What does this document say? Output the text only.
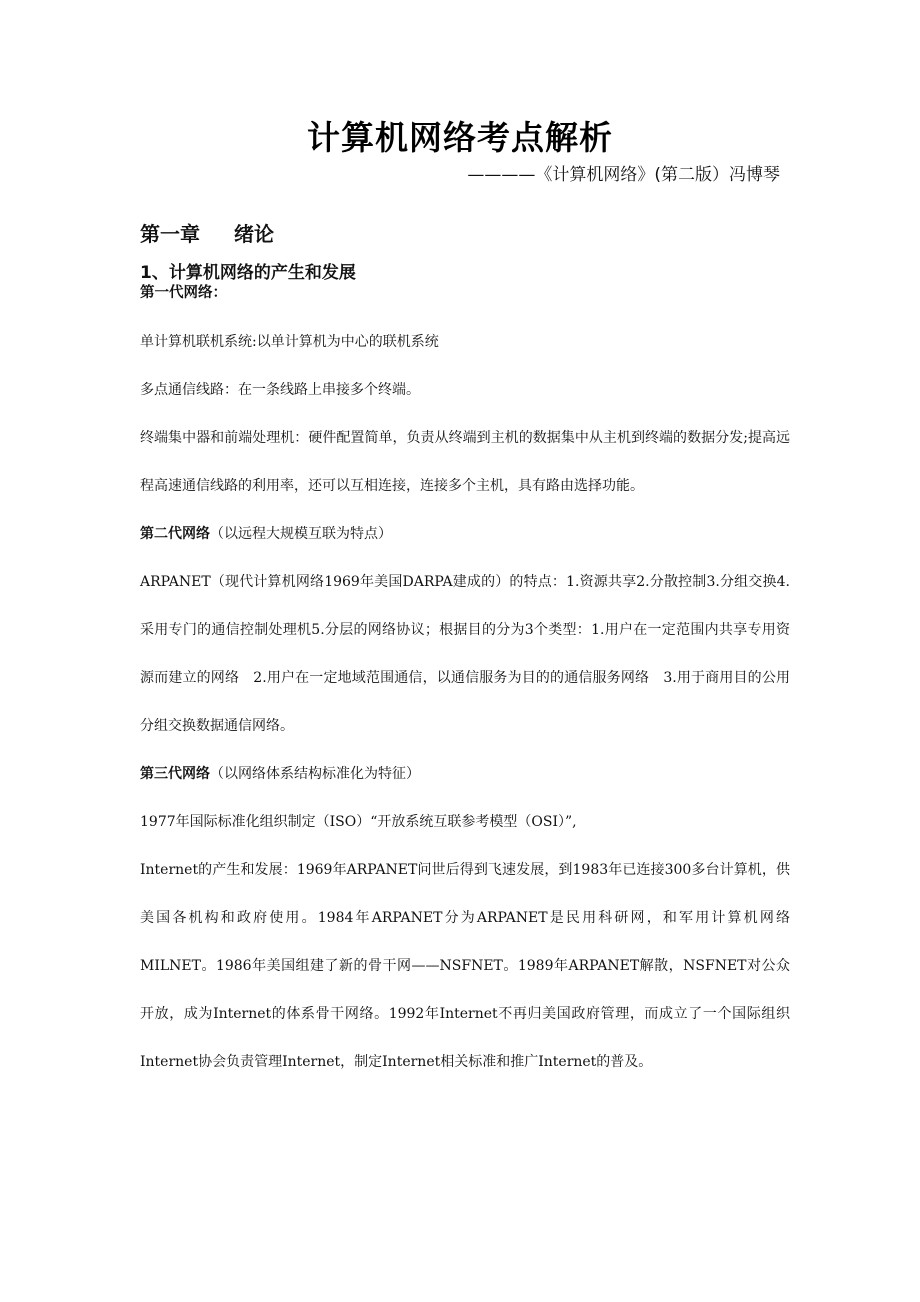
计算机网络考点解析
————《计算机网络》(第二版）冯博琴
第一章 绪论
1、计算机网络的产生和发展
第一代网络：

单计算机联机系统:以单计算机为中心的联机系统

多点通信线路：在一条线路上串接多个终端。

终端集中器和前端处理机：硬件配置简单，负责从终端到主机的数据集中从主机到终端的数据分发;提高远程高速通信线路的利用率，还可以互相连接，连接多个主机，具有路由选择功能。

第二代网络（以远程大规模互联为特点）

ARPANET（现代计算机网络1969年美国DARPA建成的）的特点：1.资源共享2.分散控制3.分组交换4.采用专门的通信控制处理机5.分层的网络协议；根据目的分为3个类型：1.用户在一定范围内共享专用资源而建立的网络　2.用户在一定地域范围通信，以通信服务为目的的通信服务网络　3.用于商用目的公用分组交换数据通信网络。

第三代网络（以网络体系结构标准化为特征）

1977年国际标准化组织制定（ISO）“开放系统互联参考模型（OSI）”,

Internet的产生和发展：1969年ARPANET问世后得到飞速发展，到1983年已连接300多台计算机，供美国各机构和政府使用。1984年ARPANET分为ARPANET是民用科研网，和军用计算机网络MILNET。1986年美国组建了新的骨干网——NSFNET。1989年ARPANET解散，NSFNET对公众开放，成为Internet的体系骨干网络。1992年Internet不再归美国政府管理，而成立了一个国际组织Internet协会负责管理Internet，制定Internet相关标准和推广Internet的普及。
